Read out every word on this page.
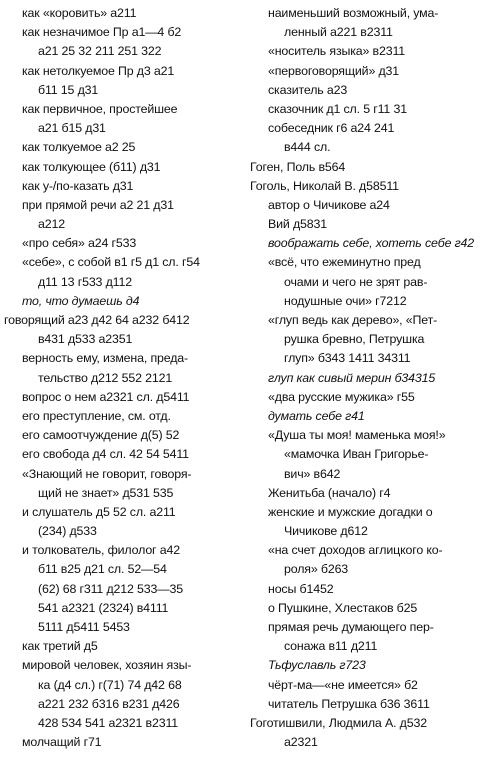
как «коровить» а211
как незначимое Пр а1—4 б2
а21 25 32 211 251 322
как нетолкуемое Пр д3 а21
б11 15 д31
как первичное, простейшее
а21 б15 д31
как толкуемое а2 25
как толкующее (б11) д31
как у-/по-казать д31
при прямой речи а2 21 д31
а212
«про себя» а24 г533
«себе», с собой в1 г5 д1 сл. г54
д11 13 г533 д112
то, что думаешь д4
говорящий а23 д42 64 а232 б412
в431 д533 а2351
верность ему, измена, преда-
тельство д212 552 2121
вопрос о нем а2321 сл. д5411
его преступление, см. отд.
его самоотчуждение д(5) 52
его свобода д4 сл. 42 54 5411
«Знающий не говорит, говоря-
щий не знает» д531 535
и слушатель д5 52 сл. а211
(234) д533
и толкователь, филолог а42
б11 в25 д21 сл. 52—54
(62) 68 г311 д212 533—35
541 а2321 (2324) в4111
5111 д5411 5453
как третий д5
мировой человек, хозяин язы-
ка (д4 сл.) г(71) 74 д42 68
а221 232 б316 в231 д426
428 534 541 а2321 в2311
молчащий г71
наименьший возможный, ума-
ленный а221 в2311
«носитель языка» в2311
«первоговорящий» д31
сказитель а23
сказочник д1 сл. 5 г11 31
собеседник г6 а24 241
в444 сл.
Гоген, Поль в564
Гоголь, Николай В. д58511
автор о Чичикове а24
Вий д5831
воображать себе, хотеть себе г42
«всё, что ежеминутно пред
очами и чего не зрят рав-
нодушные очи» г7212
«глуп ведь как дерево», «Пет-
рушка бревно, Петрушка
глуп» б343 1411 34311
глуп как сивый мерин б34315
«два русские мужика» г55
думать себе г41
«Душа ты моя! маменька моя!»
«мамочка Иван Григорье-
вич» в642
Женитьба (начало) г4
женские и мужские догадки о
Чичикове д612
«на счет доходов аглицкого ко-
роля» б263
носы б1452
о Пушкине, Хлестаков б25
прямая речь думающего пер-
сонажа в11 д211
Тьфуславль г723
чёрт-ма—«не имеется» б2
читатель Петрушка б36 3611
Гоготишвили, Людмила А. д532
а2321
